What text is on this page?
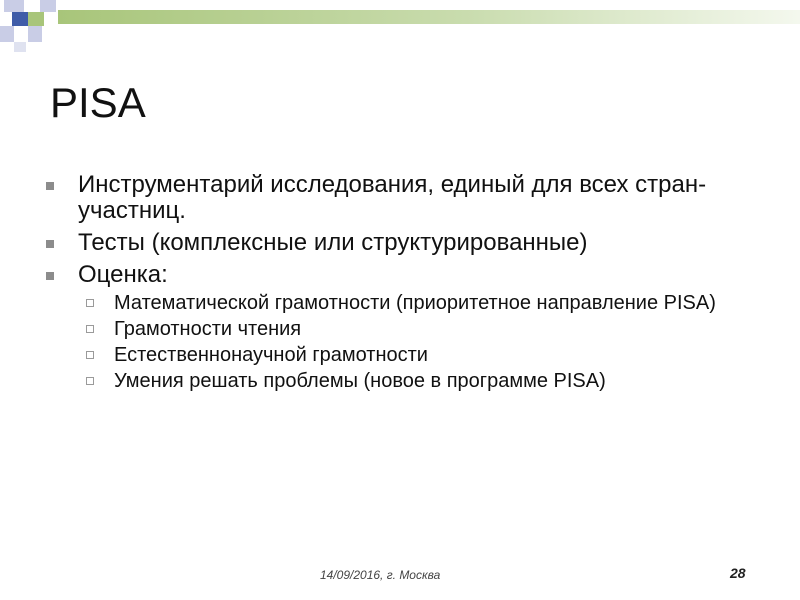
PISA
Инструментарий исследования, единый для всех стран-участниц.
Тесты (комплексные или структурированные)
Оценка:
Математической грамотности (приоритетное направление PISA)
Грамотности чтения
Естественнонаучной грамотности
Умения решать проблемы (новое в программе PISA)
14/09/2016, г. Москва	28
